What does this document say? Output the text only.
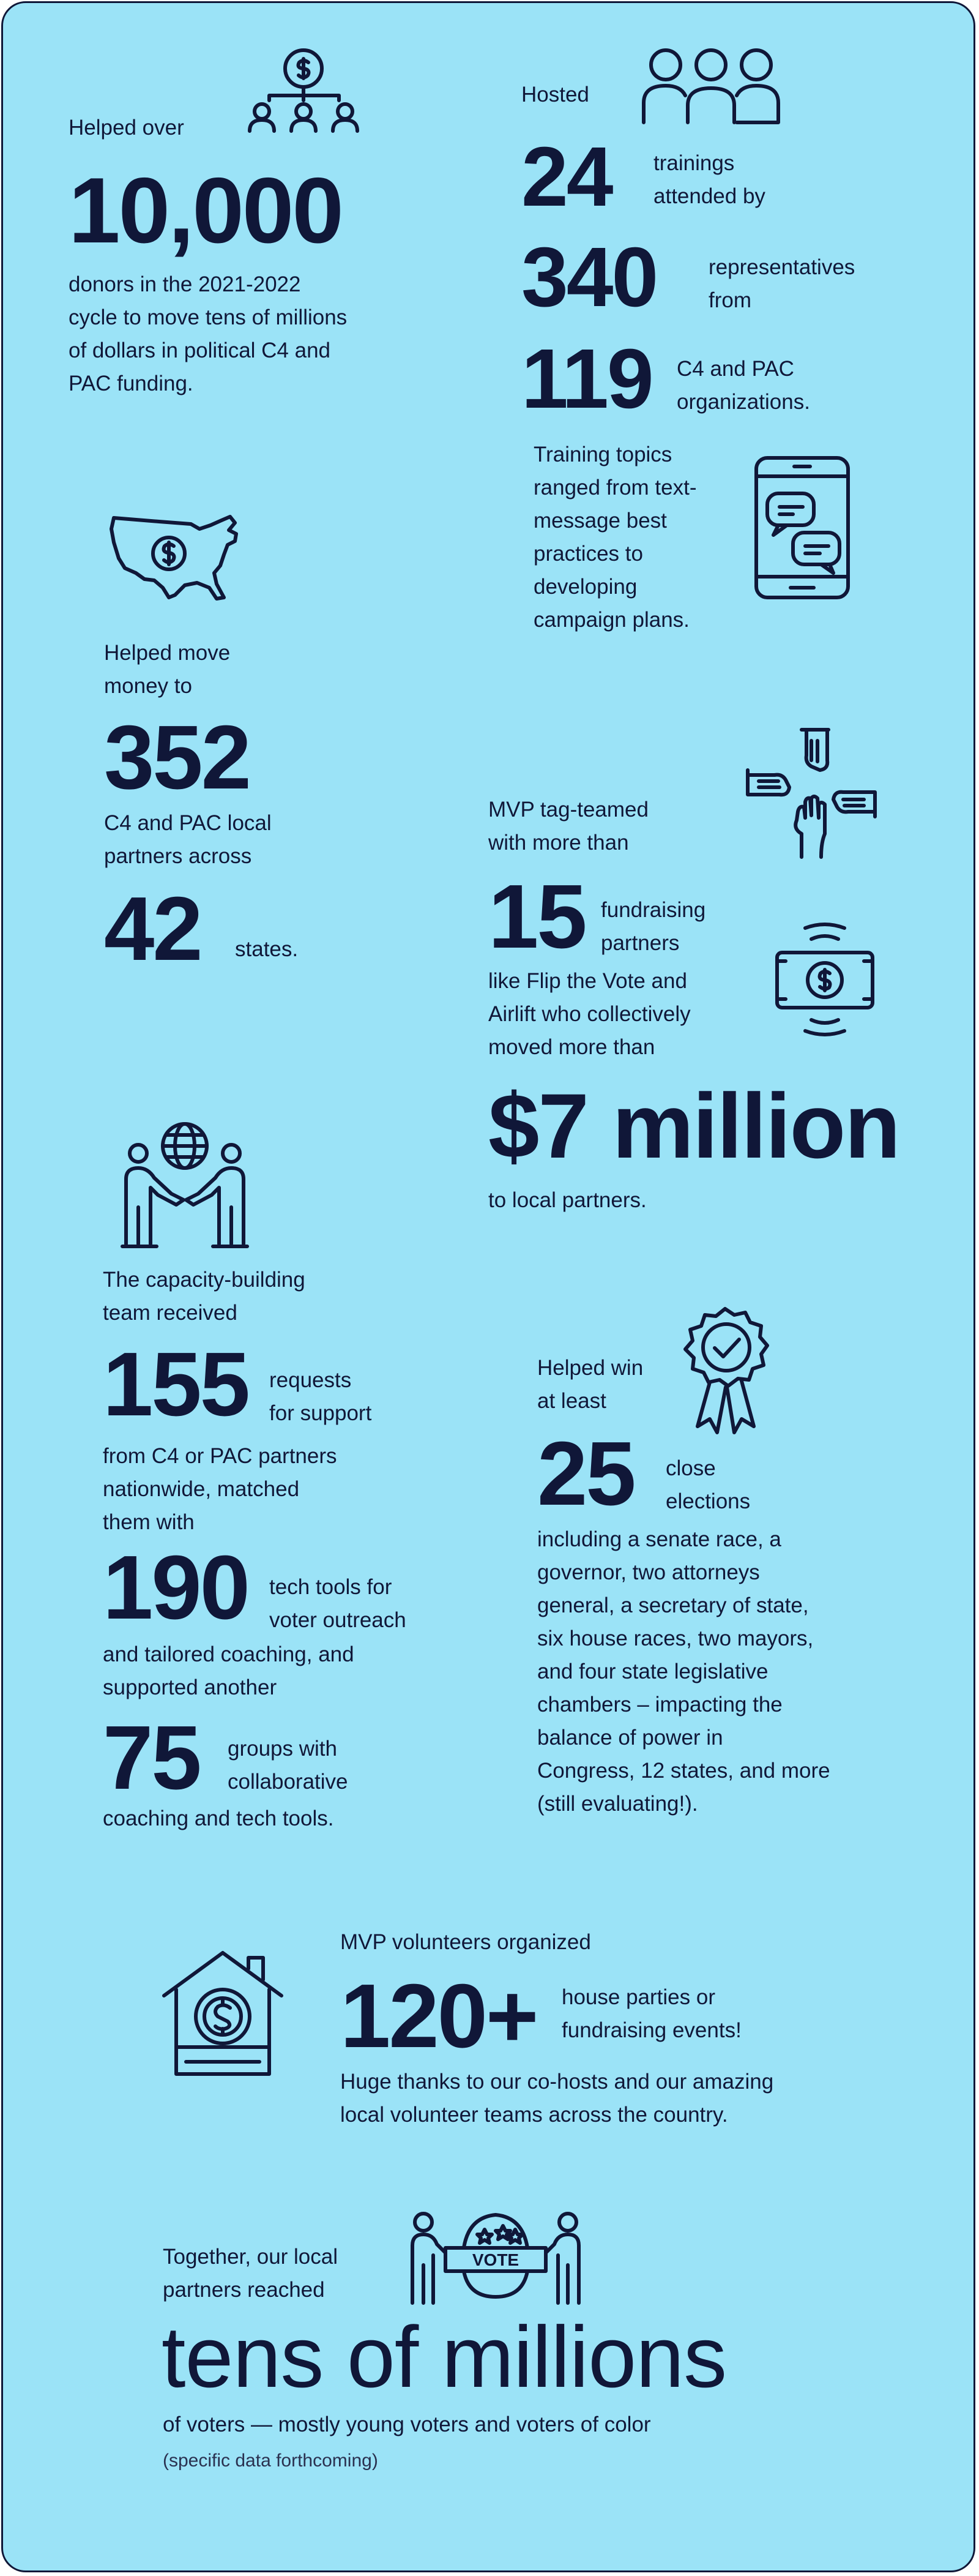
Helped over

10,000

donors in the 2021-2022

cycle to move tens of millions

of dollars in political C4 and

PAC funding.

Hosted

24 trainings

attended by

340 representatives

from

119 C4 and PAC

organizations.

Training topics

ranged from text-

message best

practices to

developing

campaign plans.

Helped move

money to

352

C4 and PAC local

partners across

42 states.

MVP tag-teamed

with more than

15 fundraising

partners

like Flip the Vote and

Airlift who collectively

moved more than

$7 million

to local partners.

The capacity-building

team received

155 requests

for support

from C4 or PAC partners

nationwide, matched

them with

190 tech tools for

voter outreach

and tailored coaching, and

supported another

75 groups with

collaborative

coaching and tech tools.

Helped win

at least

25 close

elections

including a senate race, a

governor, two attorneys

general, a secretary of state,

six house races, two mayors,

and four state legislative

chambers – impacting the

balance of power in

Congress, 12 states, and more

(still evaluating!).

MVP volunteers organized

120+ house parties or

fundraising events!

Huge thanks to our co-hosts and our amazing

local volunteer teams across the country.

Together, our local

partners reached

VOTE

tens of millions

of voters — mostly young voters and voters of color

(specific data forthcoming)
